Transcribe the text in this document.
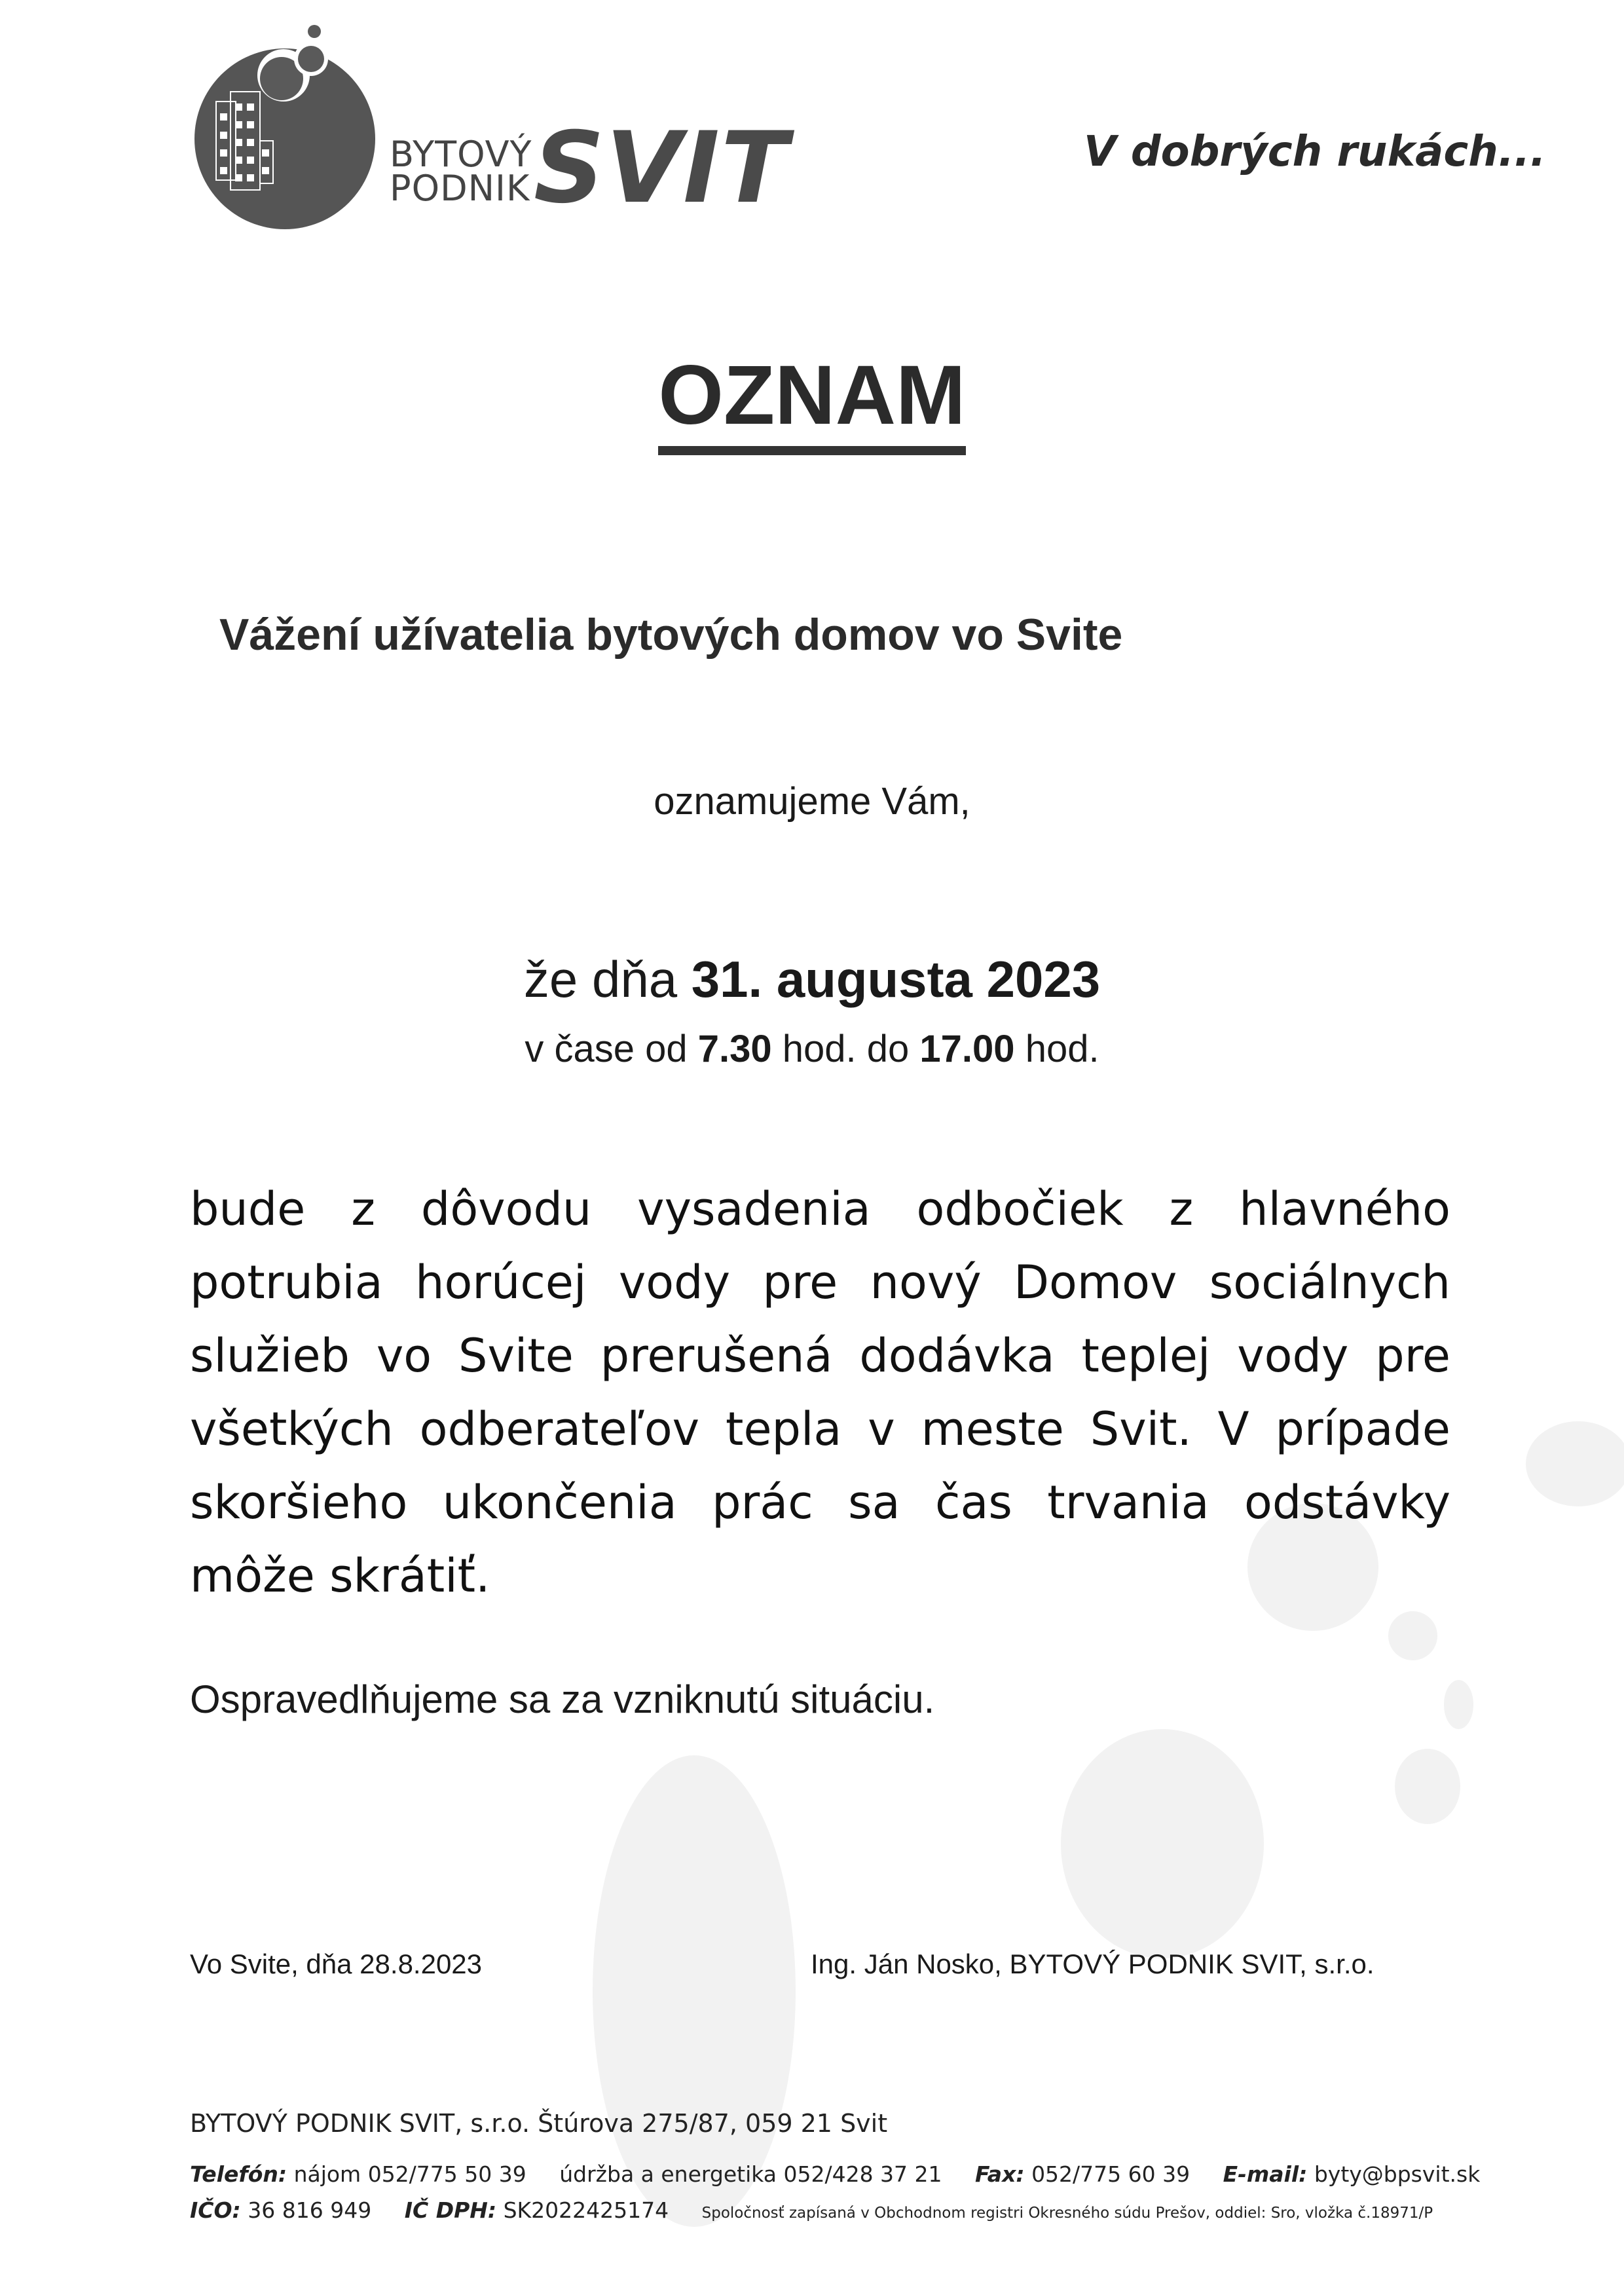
BYTOVÝ
PODNIK SVIT	V dobrých rukách...
OZNAM
Vážení užívatelia bytových domov vo Svite
oznamujeme Vám,
že dňa 31. augusta 2023
v čase od 7.30 hod. do 17.00 hod.
bude z dôvodu vysadenia odbočiek z hlavného potrubia horúcej vody pre nový Domov sociálnych služieb vo Svite prerušená dodávka teplej vody pre všetkých odberateľov tepla v meste Svit. V prípade skoršieho ukončenia prác sa čas trvania odstávky môže skrátiť.
Ospravedlňujeme sa za vzniknutú situáciu.
Vo Svite, dňa 28.8.2023	Ing. Ján Nosko, BYTOVÝ PODNIK SVIT, s.r.o.
BYTOVÝ PODNIK SVIT, s.r.o. Štúrova 275/87, 059 21 Svit
Telefón: nájom 052/775 50 39 údržba a energetika 052/428 37 21 Fax: 052/775 60 39 E-mail: byty@bpsvit.sk
IČO: 36 816 949 IČ DPH: SK2022425174 Spoločnosť zapísaná v Obchodnom registri Okresného súdu Prešov, oddiel: Sro, vložka č.18971/P
